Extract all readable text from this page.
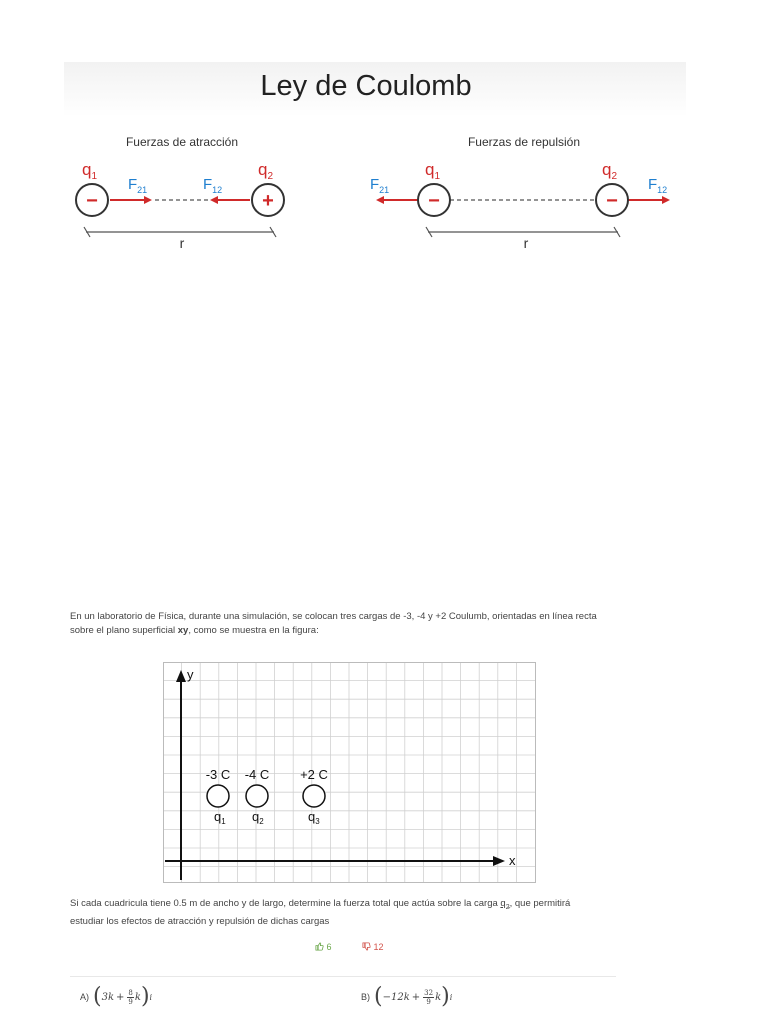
Ley de Coulomb
Fuerzas de atracción
$q_1$	$q_2$
$F_{21}$	$F_{12}$
−	+
r
Fuerzas de repulsión
$q_1$	$q_2$
$F_{21}$	$F_{12}$
−	−
r
En un laboratorio de Física, durante una simulación, se colocan tres cargas de -3, -4 y +2 Coulumb, orientadas en línea recta
sobre el plano superficial xy, como se muestra en la figura:
y
x
-3 C
$q_1$
-4 C
$q_2$
+2 C
$q_3$
Si cada cuadricula tiene 0.5 m de ancho y de largo, determine la fuerza total que actúa sobre la carga $q_2$, que permitirá
estudiar los efectos de atracción y repulsión de dichas cargas
6	12
A) ( $3k + \frac{8}{9}$ k ) i	B) ( $-12k + \frac{32}{9}$ k ) i
